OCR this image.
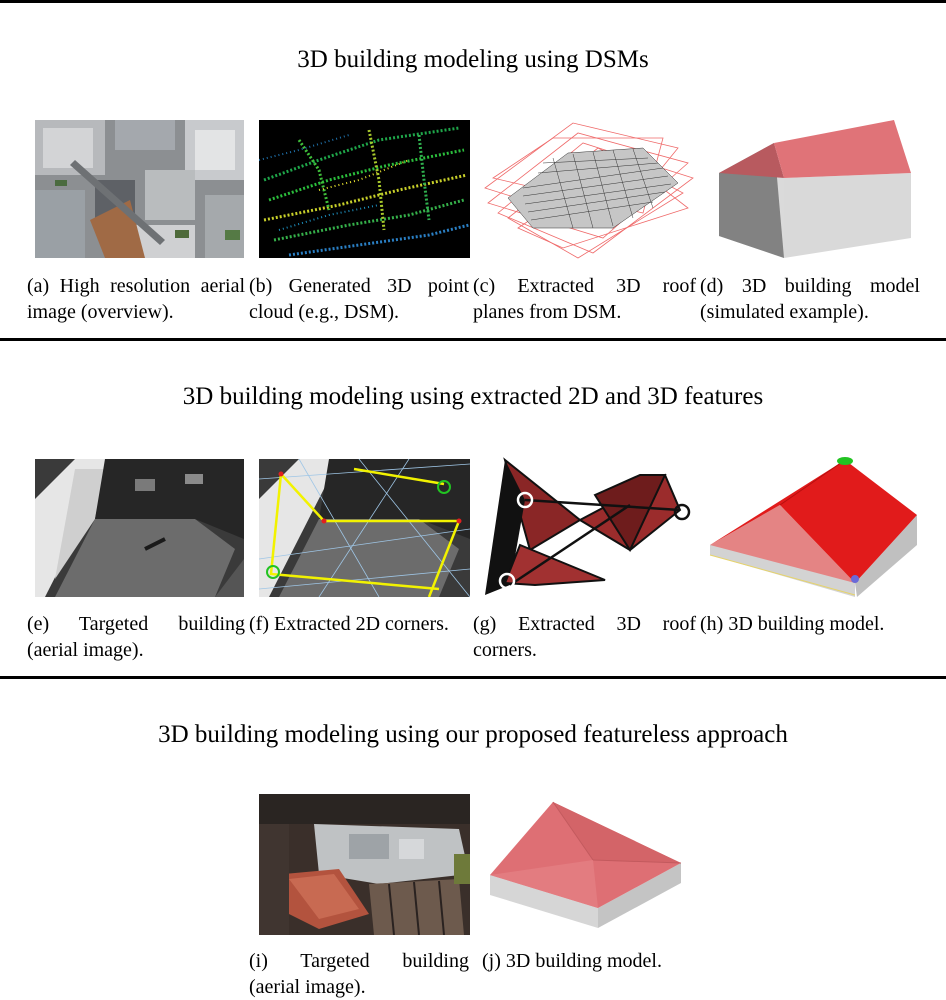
3D building modeling using DSMs
(a) High resolution aerial image (overview).
(b) Generated 3D point cloud (e.g., DSM).
(c) Extracted 3D roof planes from DSM.
(d) 3D building model (simulated example).
3D building modeling using extracted 2D and 3D features
(e) Targeted building (aerial image).
(f) Extracted 2D corners.	(g) Extracted 3D roof corners.
(h) 3D building model.
3D building modeling using our proposed featureless approach
(i) Targeted building (aerial image).
(j) 3D building model.
